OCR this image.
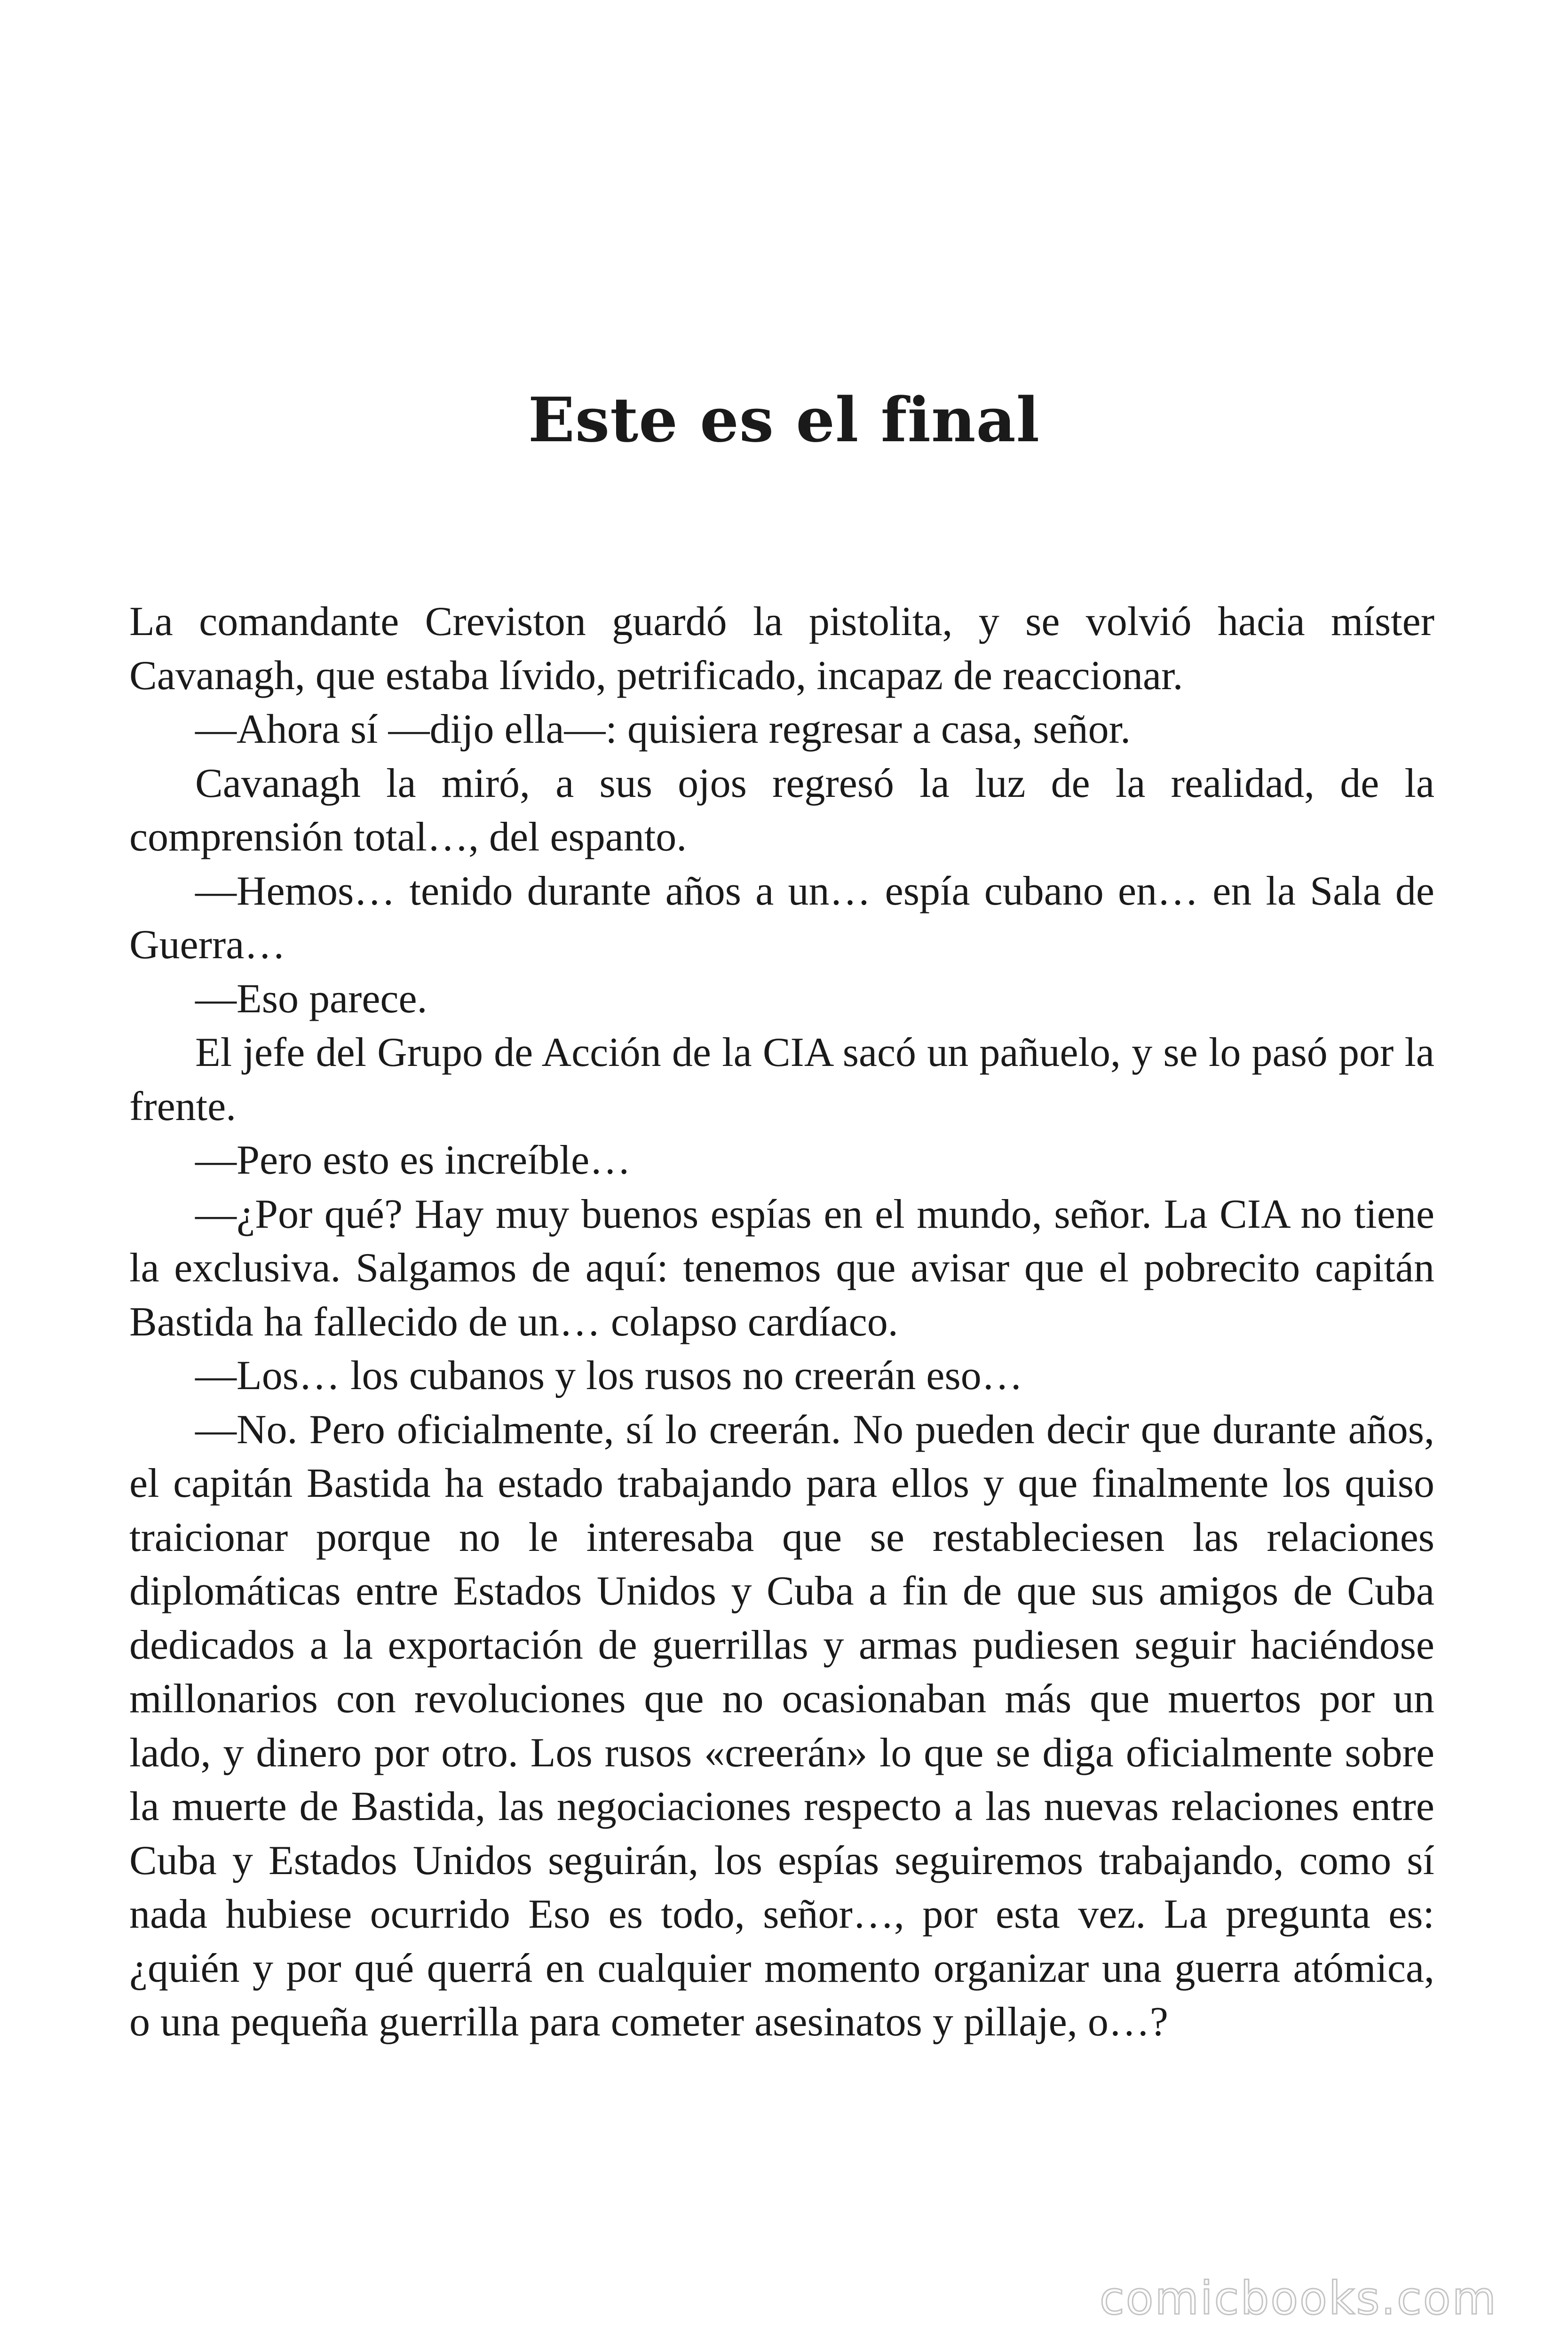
Este es el final

La comandante Creviston guardó la pistolita, y se volvió hacia míster Cavanagh, que estaba lívido, petrificado, incapaz de reaccionar.

—Ahora sí —dijo ella—: quisiera regresar a casa, señor.

Cavanagh la miró, a sus ojos regresó la luz de la realidad, de la comprensión total…, del espanto.

—Hemos… tenido durante años a un… espía cubano en… en la Sala de Guerra…

—Eso parece.

El jefe del Grupo de Acción de la CIA sacó un pañuelo, y se lo pasó por la frente.

—Pero esto es increíble…

—¿Por qué? Hay muy buenos espías en el mundo, señor. La CIA no tiene la exclusiva. Salgamos de aquí: tenemos que avisar que el pobrecito capitán Bastida ha fallecido de un… colapso cardíaco.

—Los… los cubanos y los rusos no creerán eso…

—No. Pero oficialmente, sí lo creerán. No pueden decir que durante años, el capitán Bastida ha estado trabajando para ellos y que finalmente los quiso traicionar porque no le interesaba que se restableciesen las relaciones diplomáticas entre Estados Unidos y Cuba a fin de que sus amigos de Cuba dedicados a la exportación de guerrillas y armas pudiesen seguir haciéndose millonarios con revoluciones que no ocasionaban más que muertos por un lado, y dinero por otro. Los rusos «creerán» lo que se diga oficialmente sobre la muerte de Bastida, las negociaciones respecto a las nuevas relaciones entre Cuba y Estados Unidos seguirán, los espías seguiremos trabajando, como sí nada hubiese ocurrido Eso es todo, señor…, por esta vez. La pregunta es: ¿quién y por qué querrá en cualquier momento organizar una guerra atómica, o una pequeña guerrilla para cometer asesinatos y pillaje, o…?

comicbooks.com
